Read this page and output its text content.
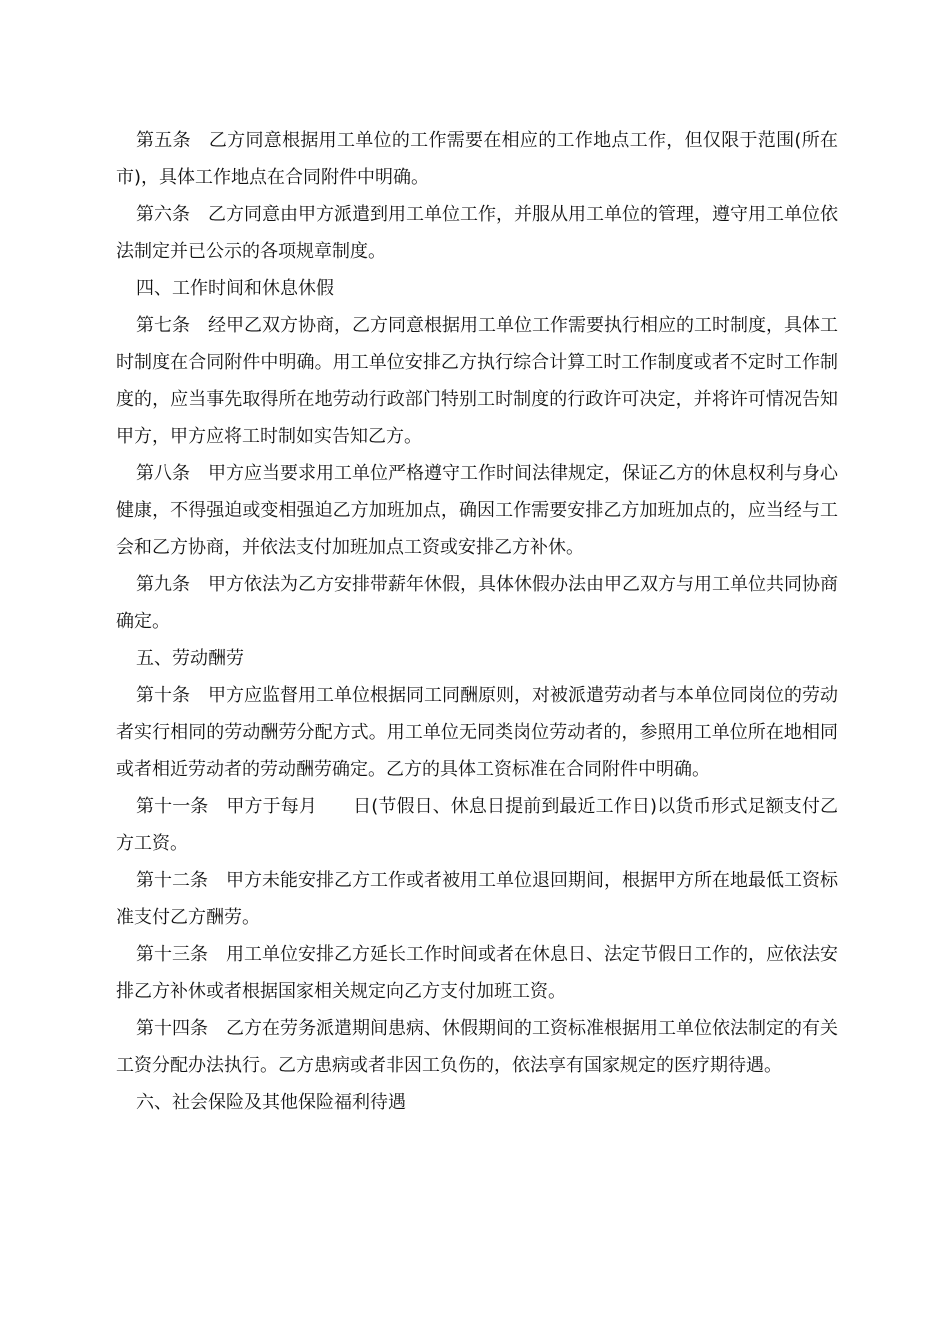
第五条 乙方同意根据用工单位的工作需要在相应的工作地点工作，但仅限于范围(所在市)，具体工作地点在合同附件中明确。

第六条 乙方同意由甲方派遣到用工单位工作，并服从用工单位的管理，遵守用工单位依法制定并已公示的各项规章制度。

四、工作时间和休息休假

第七条 经甲乙双方协商，乙方同意根据用工单位工作需要执行相应的工时制度，具体工时制度在合同附件中明确。用工单位安排乙方执行综合计算工时工作制度或者不定时工作制度的，应当事先取得所在地劳动行政部门特别工时制度的行政许可决定，并将许可情况告知甲方，甲方应将工时制如实告知乙方。

第八条 甲方应当要求用工单位严格遵守工作时间法律规定，保证乙方的休息权利与身心健康，不得强迫或变相强迫乙方加班加点，确因工作需要安排乙方加班加点的，应当经与工会和乙方协商，并依法支付加班加点工资或安排乙方补休。

第九条 甲方依法为乙方安排带薪年休假，具体休假办法由甲乙双方与用工单位共同协商确定。

五、劳动酬劳

第十条 甲方应监督用工单位根据同工同酬原则，对被派遣劳动者与本单位同岗位的劳动者实行相同的劳动酬劳分配方式。用工单位无同类岗位劳动者的，参照用工单位所在地相同或者相近劳动者的劳动酬劳确定。乙方的具体工资标准在合同附件中明确。

第十一条 甲方于每月　　日(节假日、休息日提前到最近工作日)以货币形式足额支付乙方工资。

第十二条 甲方未能安排乙方工作或者被用工单位退回期间，根据甲方所在地最低工资标准支付乙方酬劳。

第十三条 用工单位安排乙方延长工作时间或者在休息日、法定节假日工作的，应依法安排乙方补休或者根据国家相关规定向乙方支付加班工资。

第十四条 乙方在劳务派遣期间患病、休假期间的工资标准根据用工单位依法制定的有关工资分配办法执行。乙方患病或者非因工负伤的，依法享有国家规定的医疗期待遇。

六、社会保险及其他保险福利待遇
